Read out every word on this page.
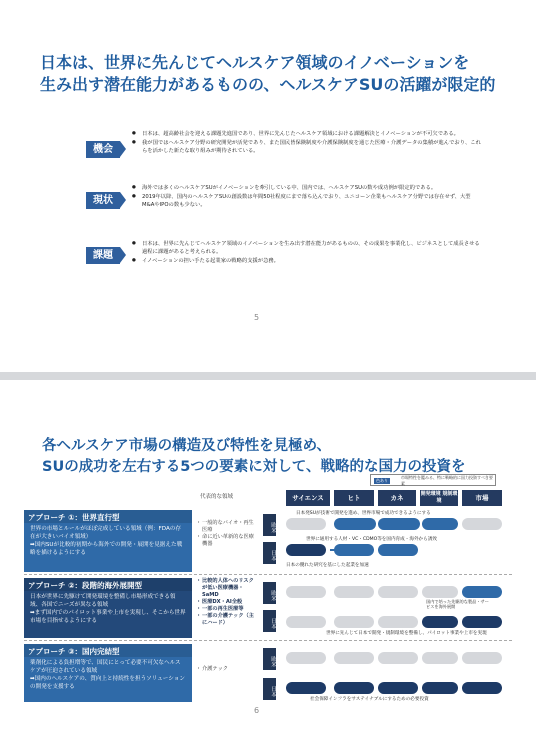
日本は、世界に先んじてヘルスケア領域のイノベーションを
生み出す潜在能力があるものの、ヘルスケアSUの活躍が限定的
機会
● 日本は、超高齢社会を迎える課題先進国であり、世界に先んじたヘルスケア領域における課題解決とイノベーションが不可欠である。
● 我が国ではヘルスケア分野の研究開発が活発であり、また国民皆保険制度や介護保険制度を通じた医療・介護データの集積が進んでおり、これらを活かした新たな取り組みが期待されている。
現状
● 海外では多くのヘルスケアSUがイノベーションを牽引している中、国内では、ヘルスケアSUの数や成功例が限定的である。
● 2019年以降、国内のヘルスケアSUの創設数は年間50社程度にまで落ち込んでおり、ユニコーン企業もヘルスケア分野では存在せず、大型M&AやIPOの数も少ない。
課題
● 日本は、世界に先んじてヘルスケア領域のイノベーションを生み出す潜在能力があるものの、その成果を事業化し、ビジネスとして成長させる過程に課題があると考えられる。
● イノベーションの担い手たる起業家の戦略的支援が急務。
5
各ヘルスケア市場の構造及び特性を見極め、
SUの成功を左右する5つの要素に対して、戦略的な国力の投資を
色あり	市場特性を鑑みる、特に戦略的に国力投資すべき要素
代表的な領域	サイエンス	ヒト	カネ	開発環境 規制環境	市場
アプローチ ①：世界直行型

世界の市場とルールがほぼ完成している領域（例：FDAの存在が大きいバイオ領域）

➡国内SUが比較的初期から海外での開発・展開を見据えた戦略を描けるようにする

・ 一般的なバイオ・再生医療
・ 命に近い革新的な医療機器
欧米
日本
日本発SUが技術で開発を進め、世界市場で成功できるようにする
世界に通用する人材・VC・CDMO等を国内育成・海外から誘致
日本の優れた研究を基にした起業を加速
アプローチ ②：段階的海外展開型

日本が世界に先駆けて開発環境を整備し市場形成できる領域、各国でニーズが異なる領域

➡まず国内でのパイロット事業や上市を実現し、そこから世界市場を目指せるようにする

・ 比較的人体へのリスクが低い医療機器・SaMD
・ 医療DX・AI全般
・ 一部の再生医療等
・ 一部の介護テック（主にハード）
欧米
日本
国内で培った先駆的な製品・サービスを海外展開
世界に先んじて日本で開発・規制環境を整備し、パイロット事業や上市を実現
アプローチ ③：国内完結型

薬剤化による負担増等で、国民にとって必要不可欠なヘルスケアが圧迫されている領域

➡国内のヘルスケアの、質向上と持続性を担うソリューションの開発を支援する

・ 介護テック
欧米
日本
社会保障インフラをサステイナブルにするための必要投資
6
